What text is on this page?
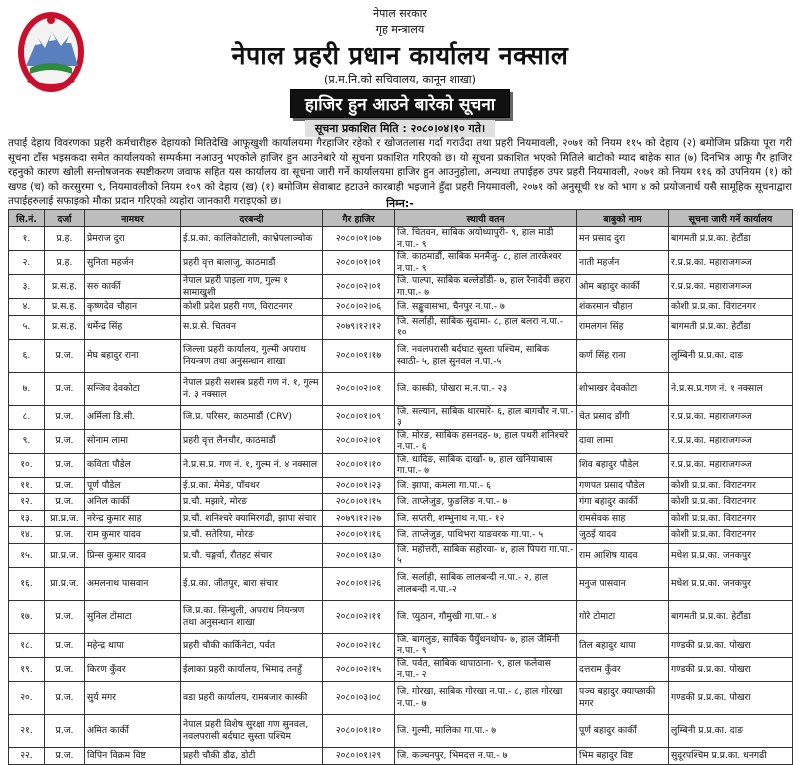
नेपाल सरकार
गृह मन्त्रालय
नेपाल प्रहरी प्रधान कार्यालय नक्साल
(प्र.म.नि.को सचिवालय, कानून शाखा)
हाजिर हुन आउने बारेको सूचना
सूचना प्रकाशित मिति : २०८०।०४।१० गते।
तपाई देहाय विवरणका प्रहरी कर्मचारीहरु देहायको मितिदेखि आफूखुशी कार्यालयमा गैरहाजिर रहेको र खोजतलास गर्दा गराउँदा तथा प्रहरी नियमावली, २०७१ को नियम ११५ को देहाय (२) बमोजिम प्रक्रिया पूरा गरी सूचना टाँस भइसकदा समेत कार्यालयको सम्पर्कमा नआउनु भएकोले हाजिर हुन आउनेबारे यो सूचना प्रकाशित गरिएको छ। यो सूचना प्रकाशित भएको मितिले बाटोको म्याद बाहेक सात (७) दिनभित्र आफू गैर हाजिर रहनुको कारण खोली सन्तोषजनक स्पष्टीकरण जवाफ सहित यस कार्यालय वा सूचना जारी गर्ने कार्यालयमा हाजिर हुन आउनुहोला, अन्यथा तपाईहरु उपर प्रहरी नियमावली, २०७१ को नियम ११६ को उपनियम (१) को खण्ड (च) को करसुरमा ९, नियमावलीको नियम १०९ को देहाय (ख) (१) बमोजिम सेवाबाट हटाउने कारबाही भइजाने हुँदा प्रहरी नियमावली, २०७१ को अनुसूची १४ को भाग ४ को प्रयोजनार्थ यसै सामूहिक सूचनाद्वारा तपाईहरुलाई सफाइको मौका प्रदान गरिएको व्यहोरा जानकारी गराइएको छ।	निम्न:-
सि.नं.	दर्जा	नामथर	दरबन्दी	गैर हाजिर	स्थायी वतन	बाबुको नाम	सूचना जारी गर्ने कार्यालय
१.	प्र.ह.	प्रेमराज दुरा	ई.प्र.का. कालिकोटाली, काभ्रेपलाञ्चोक	२०८०।०१।०७	जि. चितवन, साबिक अयोध्यापुरी- ९, हाल माडी न.पा.- ९	मन प्रसाद दुरा	बागमती प्र.प्र.का. हेटौंडा
२.	प्र.ह.	सुनिता महर्जन	प्रहरी वृत्त बालाजु, काठमाडौं	२०८०।०१।०१	जि. काठमाडौं, साबिक मनमैजु- ८, हाल तारकेश्वर न.पा.- ९	नाती महर्जन	र.प्र.प्र.का. महाराजगञ्ज
३.	प्र.स.ह.	सरु कार्की	नेपाल प्रहरी पाइला गण, गुल्म १ सामाखुशी	२०८०।०२।०१	जि. पाल्पा, साबिक बल्लेडाँडी- ७, हाल रैनादेवी छहरा गा.पा.- ७	ओम बहादुर कार्की	र.प्र.प्र.का. महाराजगञ्ज
४.	प्र.स.ह.	कृष्णदेव चौहान	कोशी प्रदेश प्रहरी गण, विराटनगर	२०८०।०२।०६	जि. सङ्खुवासभा, चैनपुर न.पा.- ७	शंकरमान चौहान	कोशी प्र.प्र.का. विराटनगर
५.	प्र.स.ह.	धर्मेन्द्र सिंह	स.प्र.से. चितवन	२०७९।१२।१२	जि. सर्लाही, साबिक सुदामा- ८, हाल बलरा न.पा.- १०	रामलगन सिंह	बागमती प्र.प्र.का. हेटौंडा
६.	प्र.ज.	मेघ बहादुर राना	जिल्ला प्रहरी कार्यालय, गुल्मी अपराध नियन्त्रण तथा अनुसन्धान शाखा	२०८०।०१।१७	जि. नवलपरासी बर्दघाट सुस्ता पश्चिम, साबिक स्वाठी- ५, हाल सुनवल न.पा.-५	कर्ण सिंह राना	लुम्बिनी प्र.प्र.का. दाङ
७.	प्र.ज.	सन्जिव देवकोटा	नेपाल प्रहरी सशस्त्र प्रहरी गण नं. १, गुल्म नं. ३ नक्साल	२०८०।०२।०१	जि. कास्की, पोखरा म.न.पा.- २३	शोभाखर देवकोटा	ने.प्र.स.प्र.गण नं. १ नक्साल
८.	प्र.ज.	अर्मिला डि.सी.	जि.प्र. परिसर, काठमाडौं (CRV)	२०८०।०१।०९	जि. सल्यान, साबिक थारमारे- ६, हाल बागचौर न.पा.- ३	चेत प्रसाद डाँगी	र.प्र.प्र.का. महाराजगञ्ज
९.	प्र.ज.	सोनाम लामा	प्रहरी वृत्त लैनचौर, काठमाडौं	२०८०।०२।०१	जि. मोरङ, साबिक हसनदह- ७, हाल पथरी शनिश्चरे न.पा.- ६	दावा लामा	र.प्र.प्र.का. महाराजगञ्ज
१०.	प्र.ज.	कविता पौडेल	ने.प्र.स.प्र. गण नं. १, गुल्म नं. ४ नक्साल	२०८०।०१।१०	जि. धादिङ, साबिक दार्खा- ७, हाल खनियाबास गा.पा.- ७	शिव बहादुर पौडेल	र.प्र.प्र.का. महाराजगञ्ज
११.	प्र.ज.	पूर्ण पौडेल	ई.प्र.का. मेमेङ, पाँचथर	२०८०।०१।२३	जि. झापा, कमला गा.पा.- ६	गणपत प्रसाद पौडेल	कोशी प्र.प्र.का. विराटनगर
१२.	प्र.ज.	अनिल कार्की	प्र.चौ. मझारे, मोरङ	२०८०।०१।१५	जि. ताप्लेजुङ, फुङलिङ न.पा.- ७	गंगा बहादुर कार्की	कोशी प्र.प्र.का. विराटनगर
१३.	प्रा.प्र.ज.	नरेन्द्र कुमार साह	प्र.चौ. शनिश्चरे क्यामिरगढी, झापा संचार	२०७९।१२।२७	जि. सप्तरी, शम्भुनाथ न.पा.- १२	रामसेवक साह	कोशी प्र.प्र.का. विराटनगर
१४.	प्र.ज.	राम कुमार यादव	प्र.चौ. सतेरिया, मोरङ	२०८०।०१।१६	जि. ताप्लेजुङ, पाथिभरा याङवरक गा.पा.- ५	जुठई यादव	कोशी प्र.प्र.का. विराटनगर
१५.	प्रा.प्र.ज.	प्रिन्स कुमार यादव	प्र.चौ. चङ्गर्वा, रौतहट संचार	२०८०।०१।३०	जि. महोत्तरी, साबिक सहोरवा- ४, हाल पिपरा गा.पा.- ५	राम आशिष यादव	मधेश प्र.प्र.का. जनकपुर
१६.	प्रा.प्र.ज.	अमलनाथ पासवान	ई.प्र.का. जीतपुर, बारा संचार	२०८०।०१।२६	जि. सर्लाही, साबिक लालबन्दी न.पा.- २, हाल लालबन्दी न.पा.-२	मनुज पासवान	मधेश प्र.प्र.का. जनकपुर
१७.	प्र.ज.	सुनिल टोमाटा	जि.प्र.का. सिन्धुली, अपराध नियन्त्रण तथा अनुसन्धान शाखा	२०८०।०२।११	जि. प्युठान, गौमुखी गा.पा.- ४	गोरे टोमाटा	बागमती प्र.प्र.का. हेटौंडा
१८.	प्र.ज.	महेन्द्र थापा	प्रहरी चौकी कार्किनेटा, पर्वत	२०८०।०२।१८	जि. बागलुङ, साबिक पैयुँथनथोप- ७, हाल जैमिनी न.पा.- ९	तिल बहादुर थापा	गण्डकी प्र.प्र.का. पोखरा
१९.	प्र.ज.	किरण कुँवर	ईलाका प्रहरी कार्यालय, भिमाद तनहुँ	२०८०।०२।१५	जि. पर्वत, साबिक थापाठाना- ९, हाल फलेवास न.पा.- २	दत्तराम कुँवर	गण्डकी प्र.प्र.का. पोखरा
२०.	प्र.ज.	सुर्य मगर	वडा प्रहरी कार्यालय, रामबजार कास्की	२०८०।०३।०८	जि. गोरखा, साबिक गोरखा न.पा.- ८, हाल गोरखा न.पा.- ७	पञ्च बहादुर क्याप्छाकी मगर	गण्डकी प्र.प्र.का. पोखरा
२१.	प्र.ज.	अमित कार्की	नेपाल प्रहरी विशेष सुरक्षा गण सुनवल, नवलपरासी बर्दघाट सुस्ता पश्चिम	२०८०।०१।१०	जि. गुल्मी, मालिका गा.पा.- ७	पूर्ण बहादुर कार्की	लुम्बिनी प्र.प्र.का. दाङ
२२.	प्र.ज.	विपिन विक्रम विष्ट	प्रहरी चौकी डौढ, डोटी	२०८०।०१।२९	जि. कञ्चनपुर, भिमदत्त न.पा.- ७	भिम बहादुर विष्ट	सुदूरपश्चिम प्र.प्र.का. धनगढी
